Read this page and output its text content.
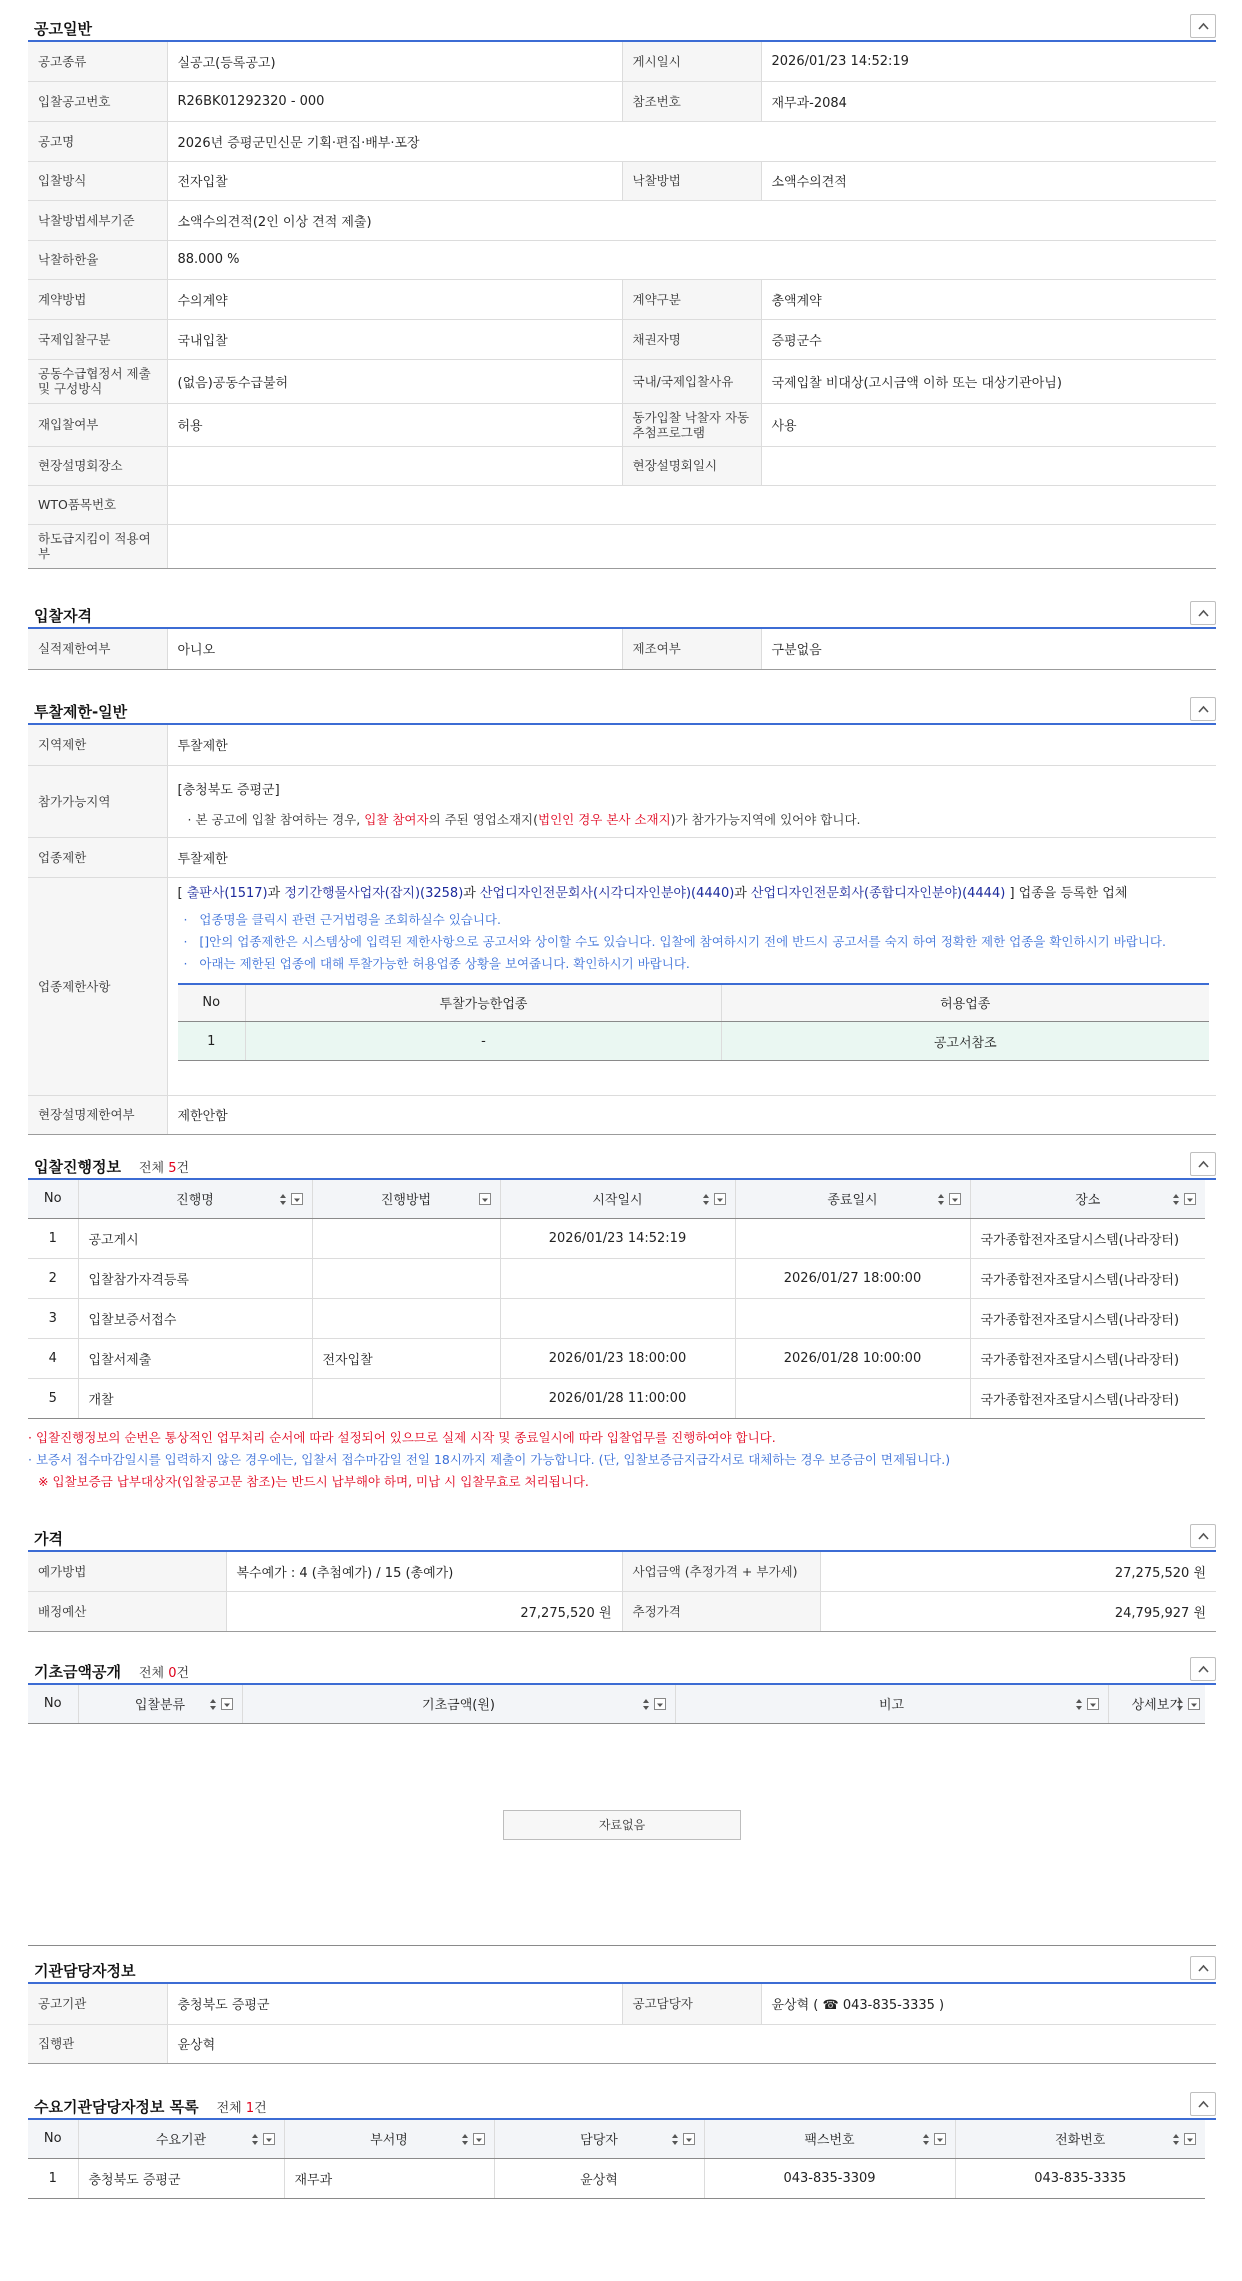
공고일반
공고종류	실공고(등록공고)	게시일시	2026/01/23 14:52:19
입찰공고번호	R26BK01292320 - 000	참조번호	재무과-2084
공고명	2026년 증평군민신문 기획·편집·배부·포장		
입찰방식	전자입찰	낙찰방법	소액수의견적
낙찰방법세부기준	소액수의견적(2인 이상 견적 제출)		
낙찰하한율	88.000 %		
계약방법	수의계약	계약구분	총액계약
국제입찰구분	국내입찰	채권자명	증평군수
공동수급협정서 제출 및 구성방식	(없음)공동수급불허	국내/국제입찰사유	국제입찰 비대상(고시금액 이하 또는 대상기관아님)
재입찰여부	허용	동가입찰 낙찰자 자동추첨프로그램	사용
현장설명회장소		현장설명회일시	
WTO품목번호			
하도급지킴이 적용여부			
입찰자격
실적제한여부	아니오	제조여부	구분없음
투찰제한-일반
지역제한	투찰제한
참가가능지역	
[충청북도 증평군]
· 본 공고에 입찰 참여하는 경우, 입찰 참여자의 주된 영업소재지(법인인 경우 본사 소재지)가 참가가능지역에 있어야 합니다.

업종제한	투찰제한
업종제한사항	
[ 출판사(1517)과 정기간행물사업자(잡지)(3258)과 산업디자인전문회사(시각디자인분야)(4440)과 산업디자인전문회사(종합디자인분야)(4444) ] 업종을 등록한 업체
·   업종명을 클릭시 관련 근거법령을 조회하실수 있습니다.
·   []안의 업종제한은 시스템상에 입력된 제한사항으로 공고서와 상이할 수도 있습니다. 입찰에 참여하시기 전에 반드시 공고서를 숙지 하여 정확한 제한 업종을 확인하시기 바랍니다.
·   아래는 제한된 업종에 대해 투찰가능한 허용업종 상황을 보여줍니다. 확인하시기 바랍니다.
No	투찰가능한업종	허용업종
1	-	공고서참조

현장설명제한여부	제한안함
입찰진행정보 전체 5건
No	진행명	진행방법	시작일시	종료일시	장소

1	공고게시		2026/01/23 14:52:19		국가종합전자조달시스템(나라장터)
2	입찰참가자격등록			2026/01/27 18:00:00	국가종합전자조달시스템(나라장터)
3	입찰보증서접수				국가종합전자조달시스템(나라장터)
4	입찰서제출	전자입찰	2026/01/23 18:00:00	2026/01/28 10:00:00	국가종합전자조달시스템(나라장터)
5	개찰		2026/01/28 11:00:00		국가종합전자조달시스템(나라장터)
· 입찰진행정보의 순번은 통상적인 업무처리 순서에 따라 설정되어 있으므로 실제 시작 및 종료일시에 따라 입찰업무를 진행하여야 합니다.
· 보증서 접수마감일시를 입력하지 않은 경우에는, 입찰서 접수마감일 전일 18시까지 제출이 가능합니다. (단, 입찰보증금지급각서로 대체하는 경우 보증금이 면제됩니다.)
※ 입찰보증금 납부대상자(입찰공고문 참조)는 반드시 납부해야 하며, 미납 시 입찰무효로 처리됩니다.
가격
예가방법	복수예가 : 4 (추첨예가) / 15 (총예가)	사업금액 (추정가격 + 부가세)	27,275,520 원
배정예산	27,275,520 원	추정가격	24,795,927 원
기초금액공개 전체 0건
No	입찰분류	기초금액(원)	비고	상세보기
자료없음
기관담당자정보
공고기관	충청북도 증평군	공고담당자	윤상혁 ( ☎ 043-835-3335 )
집행관	윤상혁		
수요기관담당자정보 목록 전체 1건
No	수요기관	부서명	담당자	팩스번호	전화번호

1	충청북도 증평군	재무과	윤상혁	043-835-3309	043-835-3335
